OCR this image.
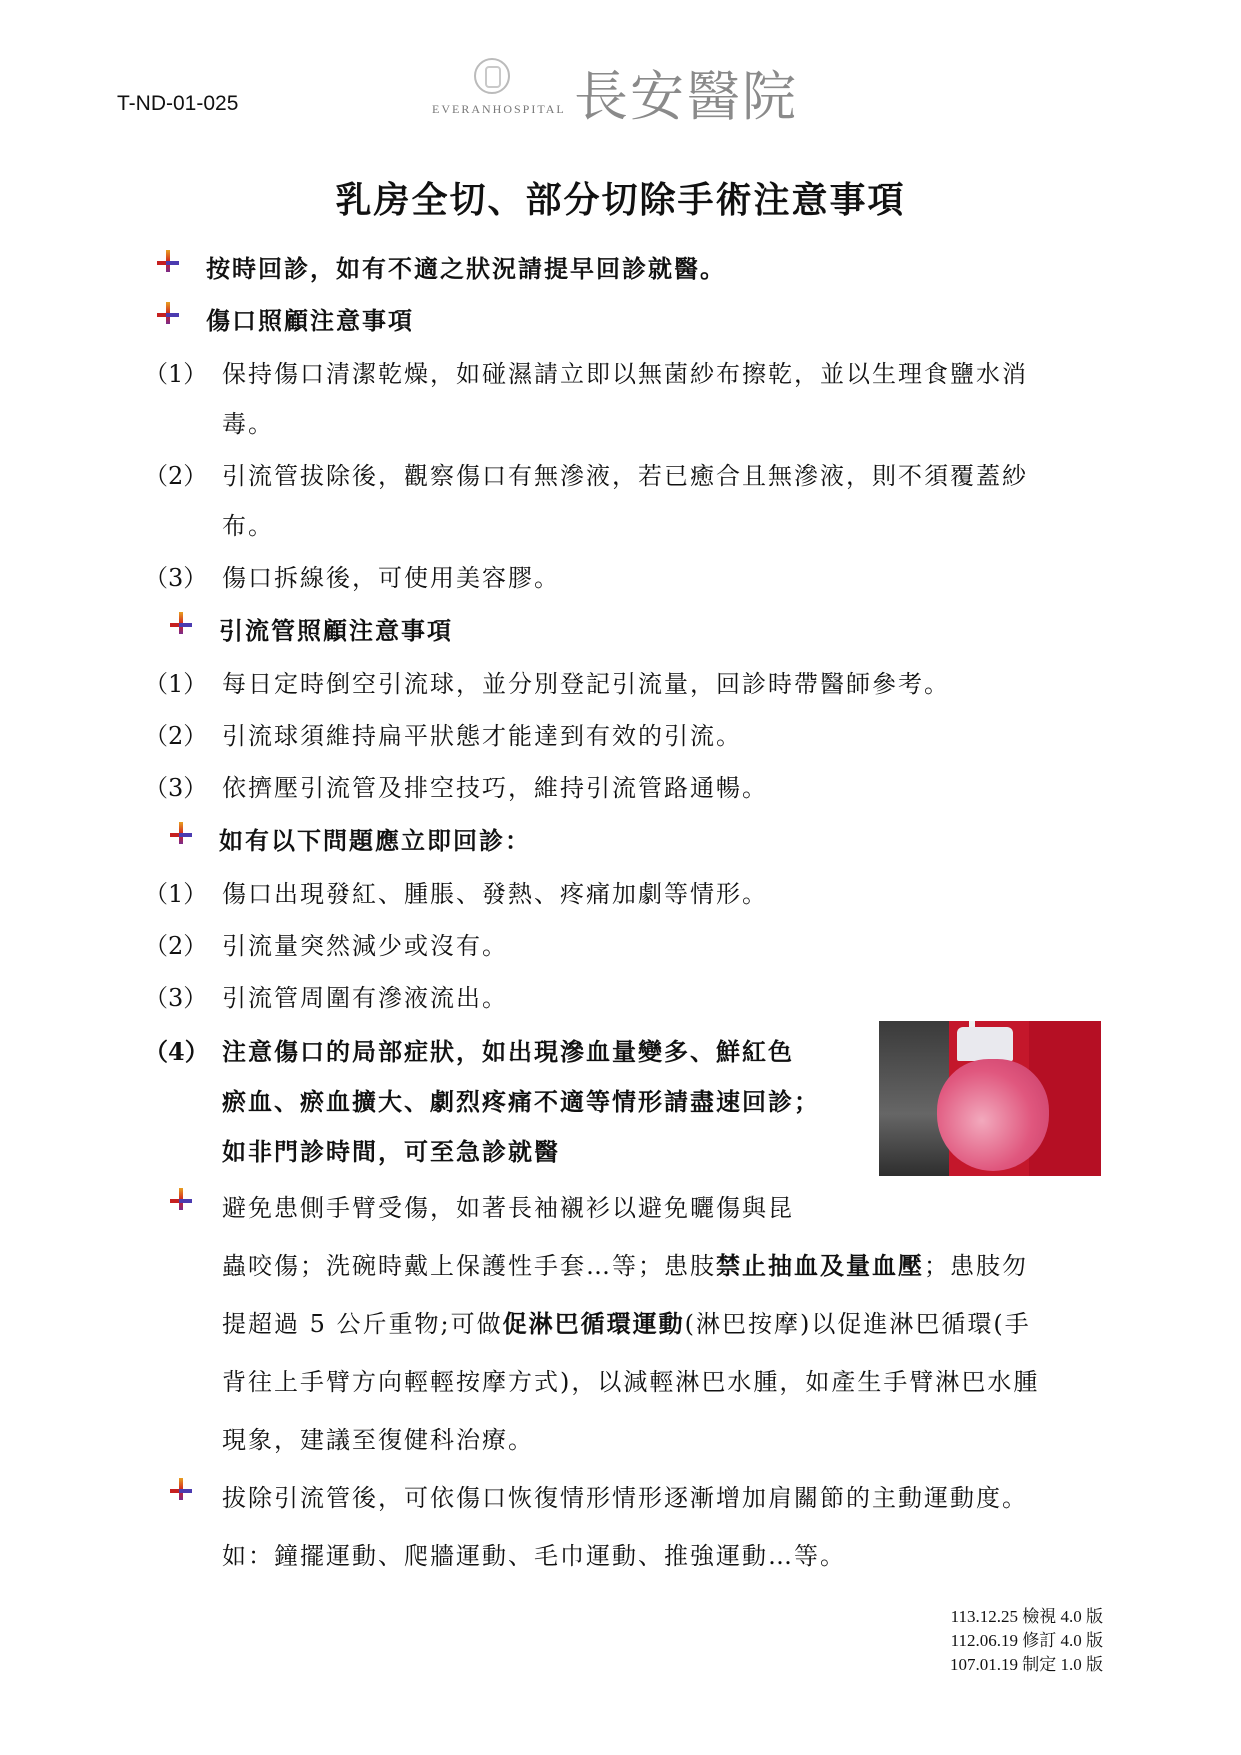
T-ND-01-025	EVERANHOSPITAL 長安醫院
乳房全切、部分切除手術注意事項
按時回診，如有不適之狀況請提早回診就醫。
傷口照顧注意事項
（1） 保持傷口清潔乾燥，如碰濕請立即以無菌紗布擦乾，並以生理食鹽水消
毒。
（2） 引流管拔除後，觀察傷口有無滲液，若已癒合且無滲液，則不須覆蓋紗
布。
（3） 傷口拆線後，可使用美容膠。
引流管照顧注意事項
（1） 每日定時倒空引流球，並分別登記引流量，回診時帶醫師參考。
（2） 引流球須維持扁平狀態才能達到有效的引流。
（3） 依擠壓引流管及排空技巧，維持引流管路通暢。
如有以下問題應立即回診：
（1） 傷口出現發紅、腫脹、發熱、疼痛加劇等情形。
（2） 引流量突然減少或沒有。
（3） 引流管周圍有滲液流出。
（4） 注意傷口的局部症狀，如出現滲血量變多、鮮紅色
瘀血、瘀血擴大、劇烈疼痛不適等情形請盡速回診；
如非門診時間，可至急診就醫
避免患側手臂受傷，如著長袖襯衫以避免曬傷與昆
蟲咬傷；洗碗時戴上保護性手套…等；患肢禁止抽血及量血壓；患肢勿
提超過 5 公斤重物;可做促淋巴循環運動(淋巴按摩)以促進淋巴循環(手
背往上手臂方向輕輕按摩方式)，以減輕淋巴水腫，如產生手臂淋巴水腫
現象，建議至復健科治療。
拔除引流管後，可依傷口恢復情形情形逐漸增加肩關節的主動運動度。
如：鐘擺運動、爬牆運動、毛巾運動、推強運動…等。
113.12.25 檢視 4.0 版
112.06.19 修訂 4.0 版
107.01.19 制定 1.0 版
